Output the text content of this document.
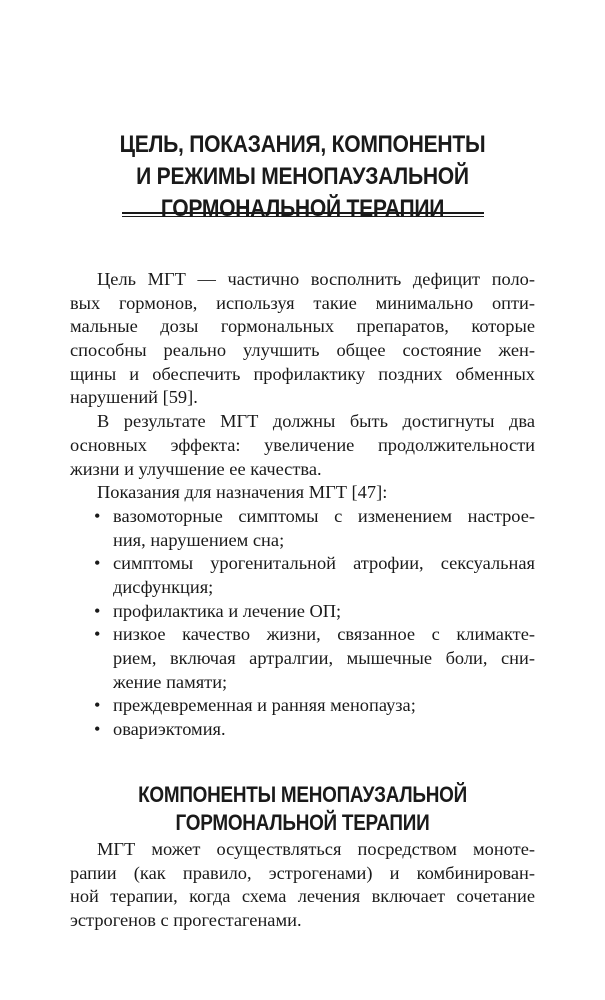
ЦЕЛЬ, ПОКАЗАНИЯ, КОМПОНЕНТЫ
И РЕЖИМЫ МЕНОПАУЗАЛЬНОЙ
ГОРМОНАЛЬНОЙ ТЕРАПИИ
Цель МГТ — частично восполнить дефицит поло-
вых гормонов, используя такие минимально опти-
мальные дозы гормональных препаратов, которые
способны реально улучшить общее состояние жен-
щины и обеспечить профилактику поздних обменных
нарушений [59].
В результате МГТ должны быть достигнуты два
основных эффекта: увеличение продолжительности
жизни и улучшение ее качества.
Показания для назначения МГТ [47]:
• вазомоторные симптомы с изменением настрое-
ния, нарушением сна;
• симптомы урогенитальной атрофии, сексуальная
дисфункция;
• профилактика и лечение ОП;
• низкое качество жизни, связанное с климакте-
рием, включая артралгии, мышечные боли, сни-
жение памяти;
• преждевременная и ранняя менопауза;
• овариэктомия.
КОМПОНЕНТЫ МЕНОПАУЗАЛЬНОЙ
ГОРМОНАЛЬНОЙ ТЕРАПИИ
МГТ может осуществляться посредством моноте-
рапии (как правило, эстрогенами) и комбинирован-
ной терапии, когда схема лечения включает сочетание
эстрогенов с прогестагенами.
